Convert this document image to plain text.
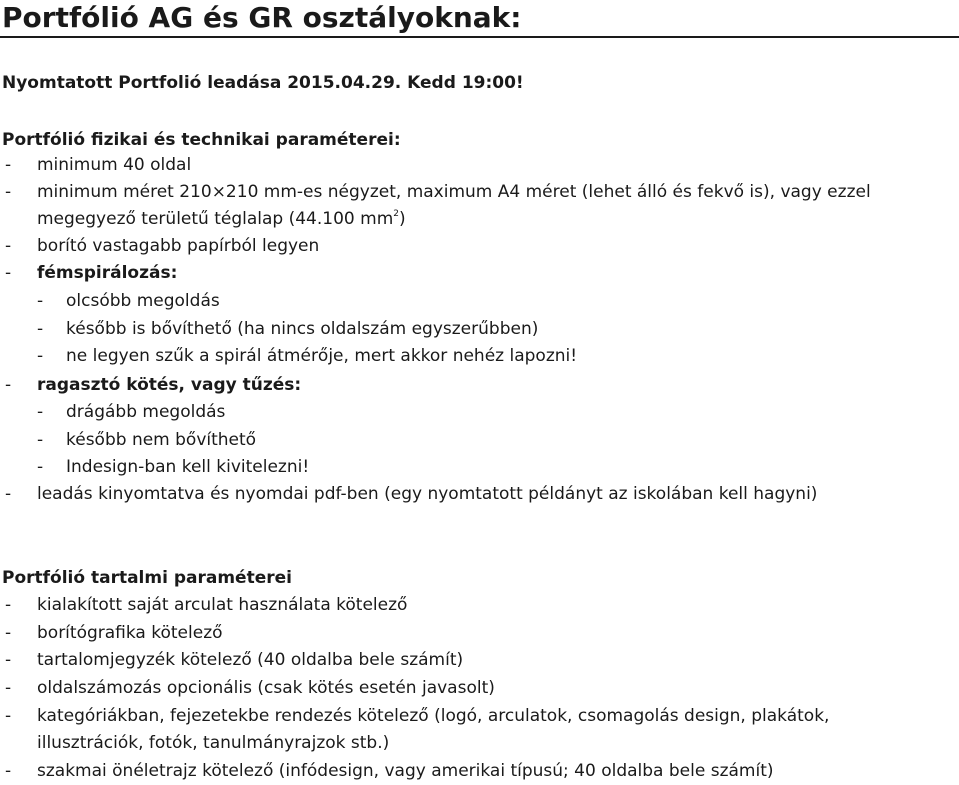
Portfólió AG és GR osztályoknak:
Nyomtatott Portfolió leadása 2015.04.29. Kedd 19:00!
Portfólió fizikai és technikai paraméterei:
- minimum 40 oldal
- minimum méret 210×210 mm-es négyzet, maximum A4 méret (lehet álló és fekvő is), vagy ezzel
megegyező területű téglalap (44.100 $mm^2$)
- borító vastagabb papírból legyen
- fémspirálozás:
- olcsóbb megoldás
- később is bővíthető (ha nincs oldalszám egyszerűbben)
- ne legyen szűk a spirál átmérője, mert akkor nehéz lapozni!
- ragasztó kötés, vagy tűzés:
- drágább megoldás
- később nem bővíthető
- Indesign-ban kell kivitelezni!
- leadás kinyomtatva és nyomdai pdf-ben (egy nyomtatott példányt az iskolában kell hagyni)
Portfólió tartalmi paraméterei
- kialakított saját arculat használata kötelező
- borítógrafika kötelező
- tartalomjegyzék kötelező (40 oldalba bele számít)
- oldalszámozás opcionális (csak kötés esetén javasolt)
- kategóriákban, fejezetekbe rendezés kötelező (logó, arculatok, csomagolás design, plakátok,
illusztrációk, fotók, tanulmányrajzok stb.)
- szakmai önéletrajz kötelező (infódesign, vagy amerikai típusú; 40 oldalba bele számít)
